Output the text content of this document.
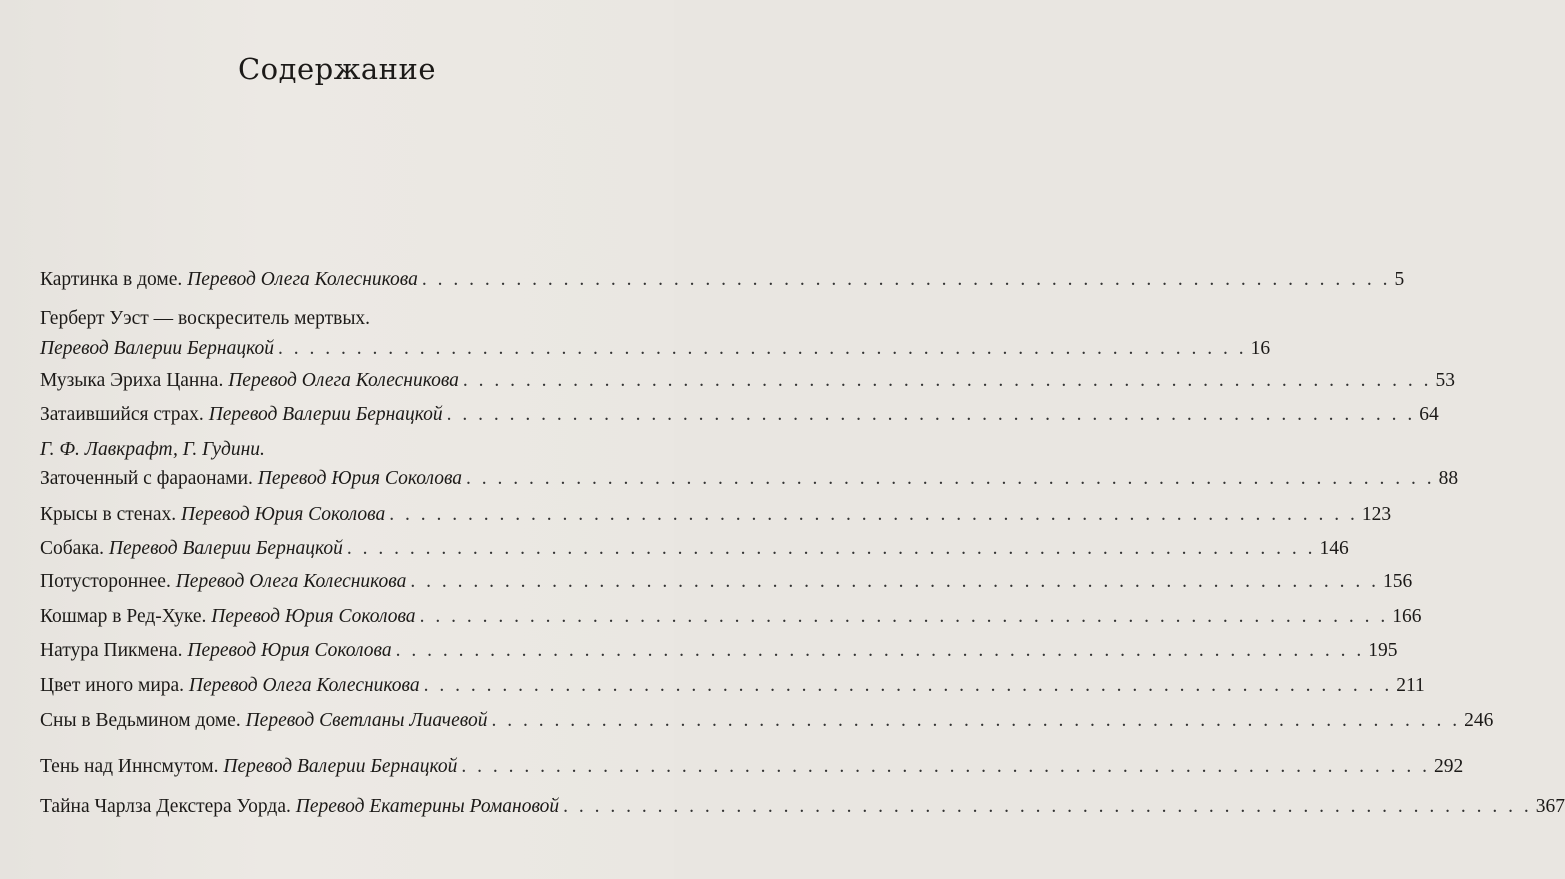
Содержание
Картинка в доме. Перевод Олега Колесникова . . .	5
Герберт Уэст — воскреситель мертвых.
Перевод Валерии Бернацкой . . .	16
Музыка Эриха Цанна. Перевод Олега Колесникова . . .	53
Затаившийся страх. Перевод Валерии Бернацкой . . .	64
Г. Ф. Лавкрафт, Г. Гудини.
Заточенный с фараонами. Перевод Юрия Соколова . . .	88
Крысы в стенах. Перевод Юрия Соколова . . .	123
Собака. Перевод Валерии Бернацкой . . .	146
Потустороннее. Перевод Олега Колесникова . . .	156
Кошмар в Ред-Хуке. Перевод Юрия Соколова . . .	166
Натура Пикмена. Перевод Юрия Соколова . . .	195
Цвет иного мира. Перевод Олега Колесникова . . .	211
Сны в Ведьмином доме. Перевод Светланы Лиачевой . . .	246
Тень над Иннсмутом. Перевод Валерии Бернацкой . . .	292
Тайна Чарлза Декстера Уорда. Перевод Екатерины Романовой . . .	367
